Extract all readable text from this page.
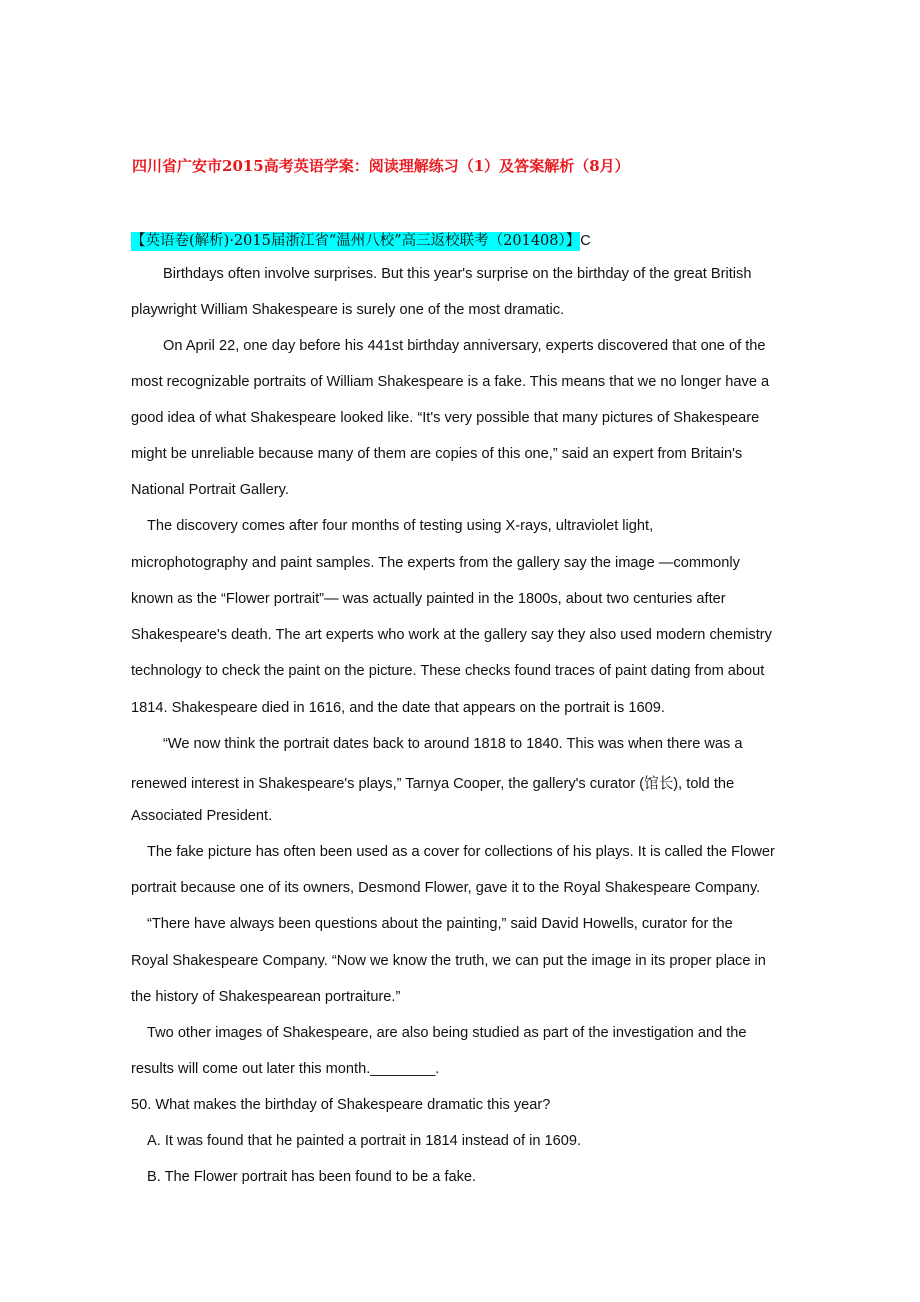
四川省广安市2015高考英语学案：阅读理解练习（1）及答案解析（8月）
【英语卷(解析)·2015届浙江省“温州八校”高三返校联考（201408）】C
Birthdays often involve surprises. But this year's surprise on the birthday of the great British
playwright William Shakespeare is surely one of the most dramatic.
On April 22, one day before his 441st birthday anniversary, experts discovered that one of the
most recognizable portraits of William Shakespeare is a fake. This means that we no longer have a
good idea of what Shakespeare looked like. “It's very possible that many pictures of Shakespeare
might be unreliable because many of them are copies of this one,” said an expert from Britain's
National Portrait Gallery.
The discovery comes after four months of testing using X-rays, ultraviolet light,
microphotography and paint samples. The experts from the gallery say the image —commonly
known as the “Flower portrait”— was actually painted in the 1800s, about two centuries after
Shakespeare's death. The art experts who work at the gallery say they also used modern chemistry
technology to check the paint on the picture. These checks found traces of paint dating from about
1814. Shakespeare died in 1616, and the date that appears on the portrait is 1609.
“We now think the portrait dates back to around 1818 to 1840. This was when there was a
renewed interest in Shakespeare's plays,” Tarnya Cooper, the gallery's curator (馆长), told the
Associated President.
The fake picture has often been used as a cover for collections of his plays. It is called the Flower
portrait because one of its owners, Desmond Flower, gave it to the Royal Shakespeare Company.
“There have always been questions about the painting,” said David Howells, curator for the
Royal Shakespeare Company. “Now we know the truth, we can put the image in its proper place in
the history of Shakespearean portraiture.”
Two other images of Shakespeare, are also being studied as part of the investigation and the
results will come out later this month.________.
50. What makes the birthday of Shakespeare dramatic this year?
A. It was found that he painted a portrait in 1814 instead of in 1609.
B. The Flower portrait has been found to be a fake.
